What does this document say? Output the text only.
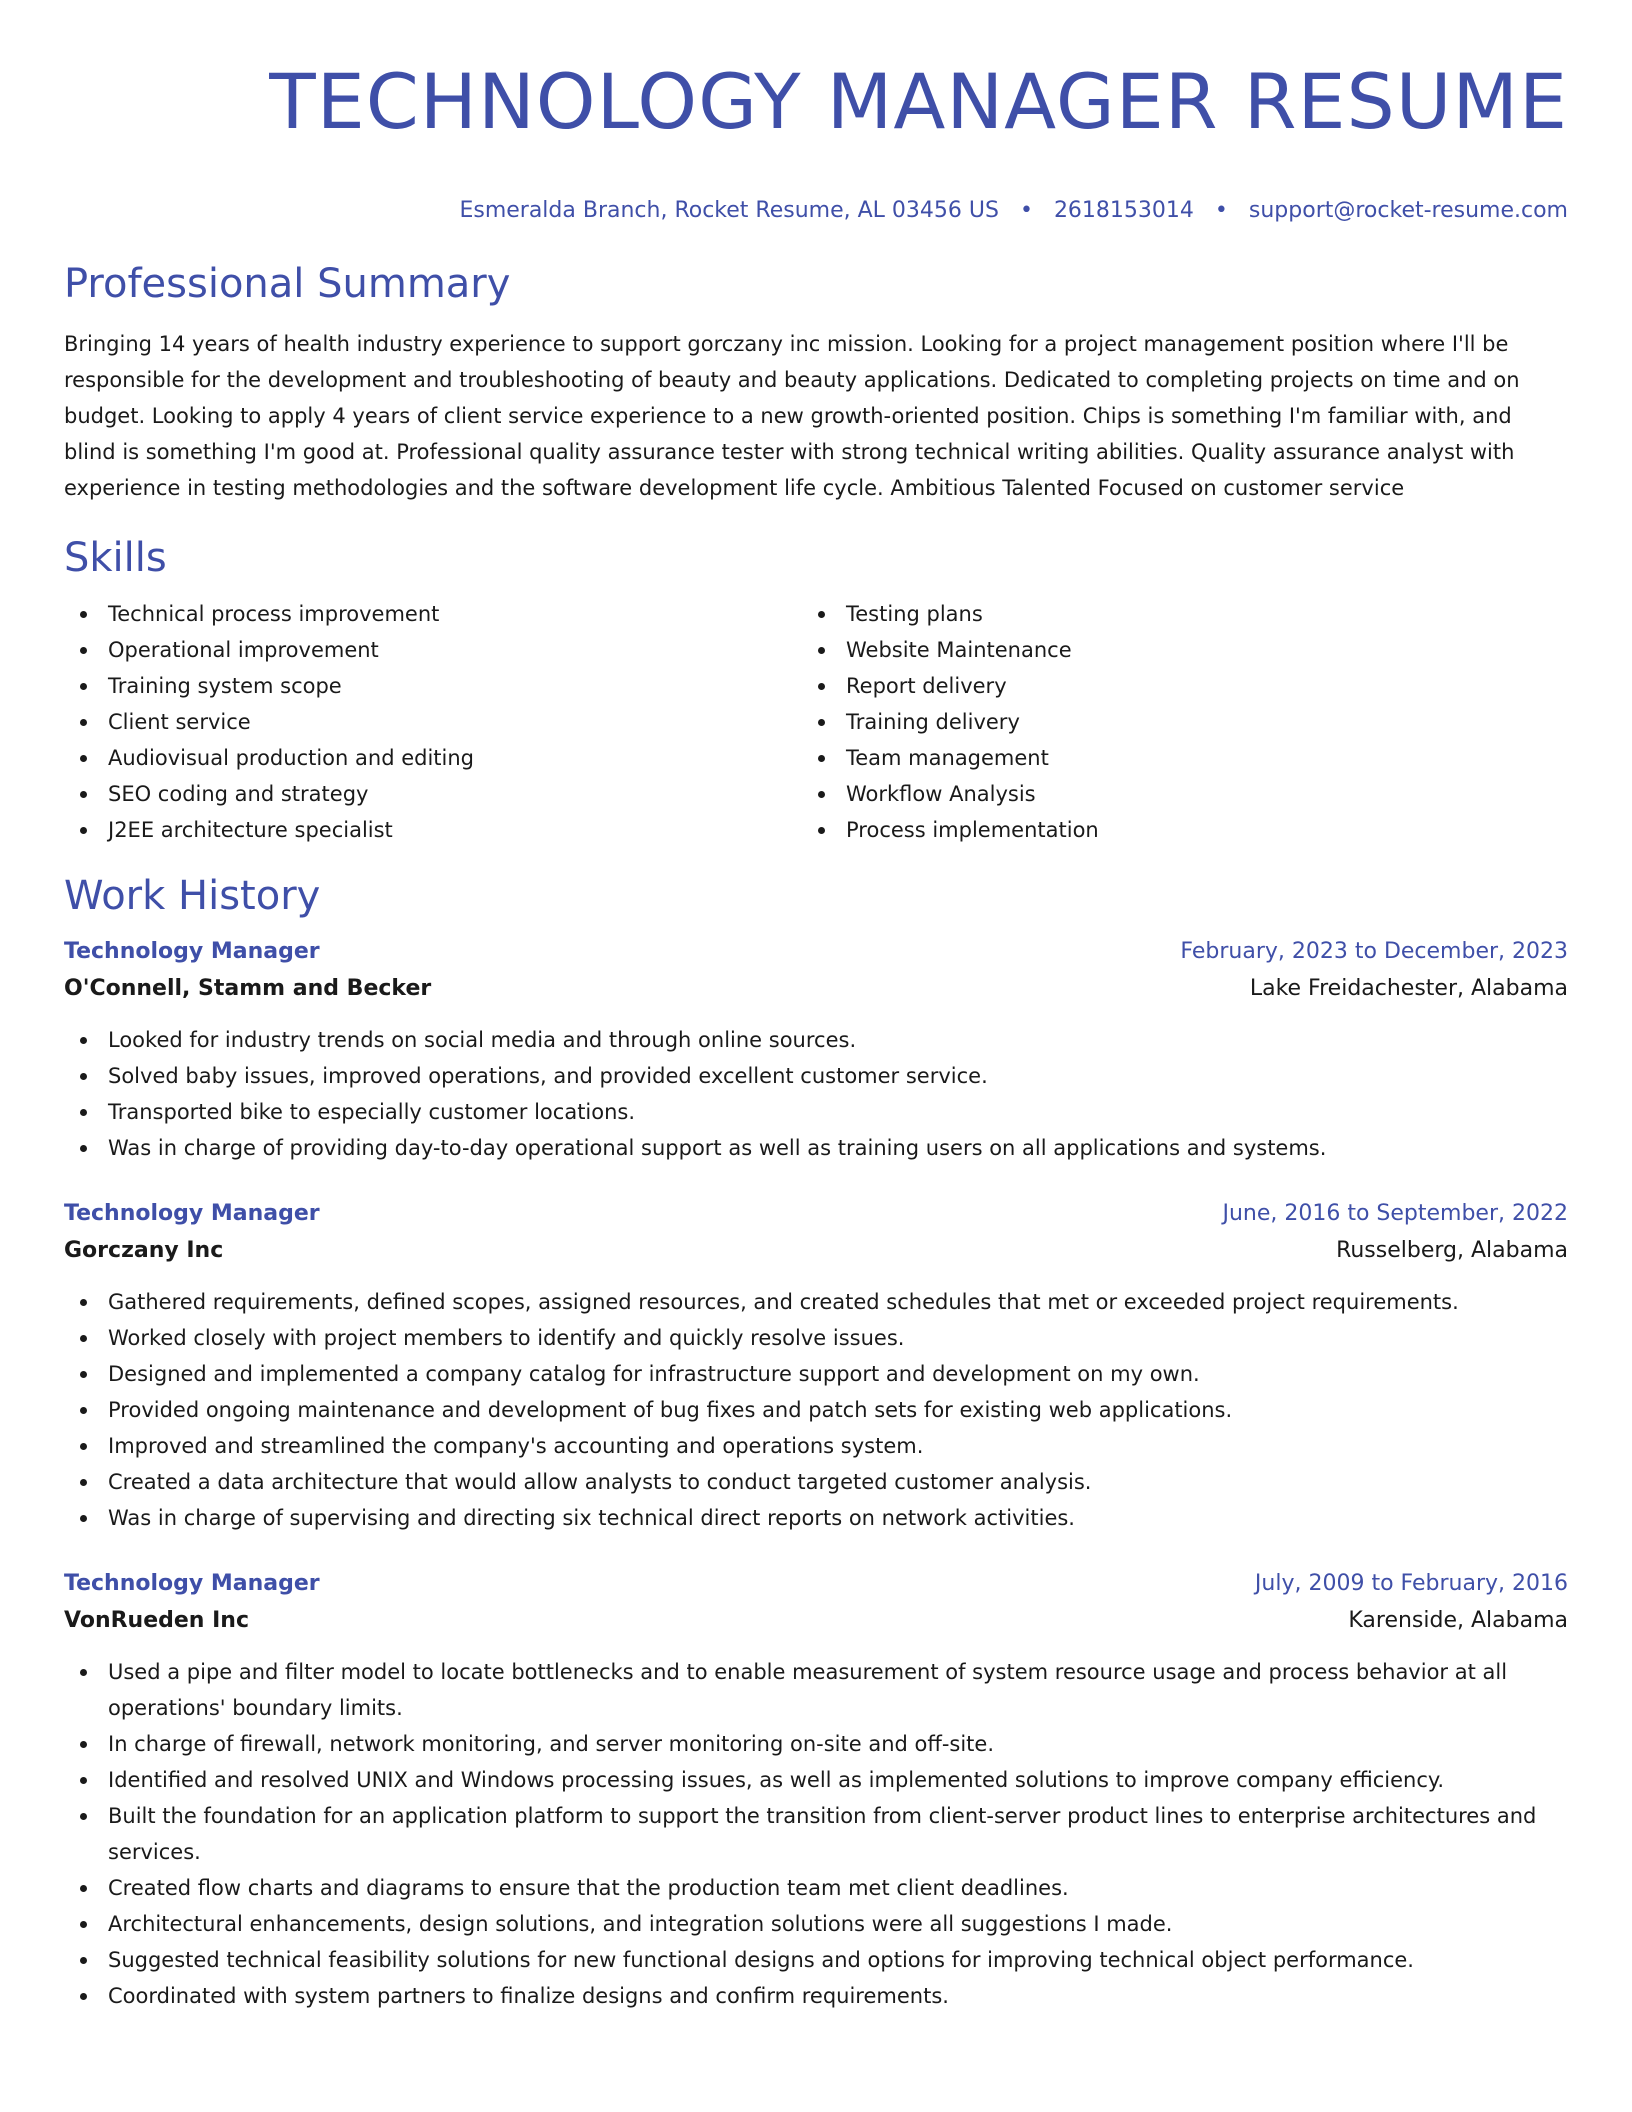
TECHNOLOGY MANAGER RESUME
Esmeralda Branch, Rocket Resume, AL 03456 US • 2618153014 • support@rocket-resume.com
Professional Summary
Bringing 14 years of health industry experience to support gorczany inc mission. Looking for a project management position where I'll be responsible for the development and troubleshooting of beauty and beauty applications. Dedicated to completing projects on time and on budget. Looking to apply 4 years of client service experience to a new growth-oriented position. Chips is something I'm familiar with, and blind is something I'm good at. Professional quality assurance tester with strong technical writing abilities. Quality assurance analyst with experience in testing methodologies and the software development life cycle. Ambitious Talented Focused on customer service
Skills
Technical process improvement
Operational improvement
Training system scope
Client service
Audiovisual production and editing
SEO coding and strategy
J2EE architecture specialist
Testing plans
Website Maintenance
Report delivery
Training delivery
Team management
Workflow Analysis
Process implementation
Work History
Technology Manager	February, 2023 to December, 2023
O'Connell, Stamm and Becker	Lake Freidachester, Alabama
Looked for industry trends on social media and through online sources.
Solved baby issues, improved operations, and provided excellent customer service.
Transported bike to especially customer locations.
Was in charge of providing day-to-day operational support as well as training users on all applications and systems.
Technology Manager	June, 2016 to September, 2022
Gorczany Inc	Russelberg, Alabama
Gathered requirements, defined scopes, assigned resources, and created schedules that met or exceeded project requirements.
Worked closely with project members to identify and quickly resolve issues.
Designed and implemented a company catalog for infrastructure support and development on my own.
Provided ongoing maintenance and development of bug fixes and patch sets for existing web applications.
Improved and streamlined the company's accounting and operations system.
Created a data architecture that would allow analysts to conduct targeted customer analysis.
Was in charge of supervising and directing six technical direct reports on network activities.
Technology Manager	July, 2009 to February, 2016
VonRueden Inc	Karenside, Alabama
Used a pipe and filter model to locate bottlenecks and to enable measurement of system resource usage and process behavior at all operations' boundary limits.
In charge of firewall, network monitoring, and server monitoring on-site and off-site.
Identified and resolved UNIX and Windows processing issues, as well as implemented solutions to improve company efficiency.
Built the foundation for an application platform to support the transition from client-server product lines to enterprise architectures and services.
Created flow charts and diagrams to ensure that the production team met client deadlines.
Architectural enhancements, design solutions, and integration solutions were all suggestions I made.
Suggested technical feasibility solutions for new functional designs and options for improving technical object performance.
Coordinated with system partners to finalize designs and confirm requirements.
